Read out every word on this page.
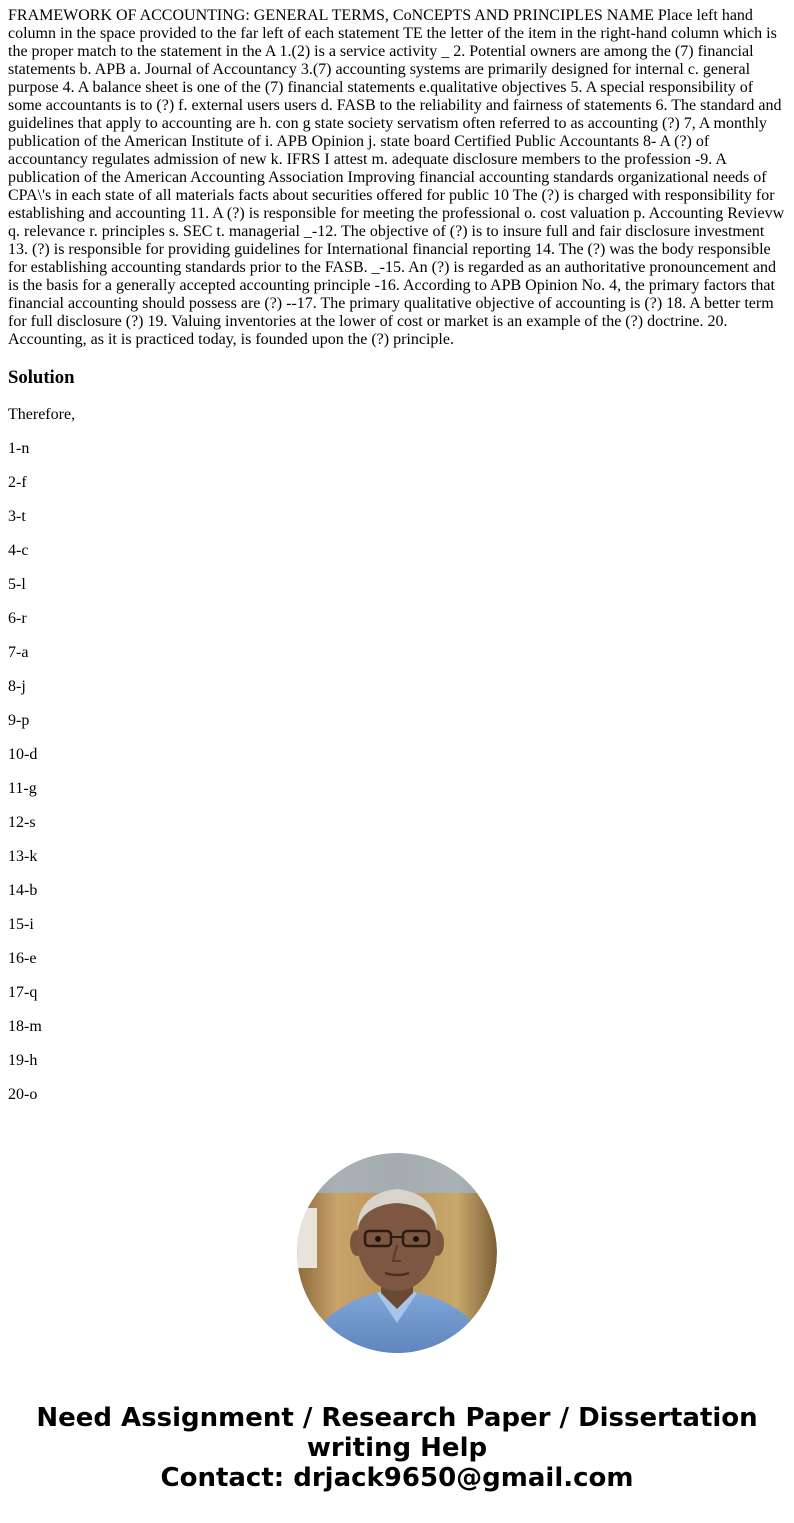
FRAMEWORK OF ACCOUNTING: GENERAL TERMS, CoNCEPTS AND PRINCIPLES NAME Place left hand column in the space provided to the far left of each statement TE the letter of the item in the right-hand column which is the proper match to the statement in the A 1.(2) is a service activity _ 2. Potential owners are among the (7) financial statements b. APB a. Journal of Accountancy 3.(7) accounting systems are primarily designed for internal c. general purpose 4. A balance sheet is one of the (7) financial statements e.qualitative objectives 5. A special responsibility of some accountants is to (?) f. external users users d. FASB to the reliability and fairness of statements 6. The standard and guidelines that apply to accounting are h. con g state society servatism often referred to as accounting (?) 7, A monthly publication of the American Institute of i. APB Opinion j. state board Certified Public Accountants 8- A (?) of accountancy regulates admission of new k. IFRS I attest m. adequate disclosure members to the profession -9. A publication of the American Accounting Association Improving financial accounting standards organizational needs of CPA\'s in each state of all materials facts about securities offered for public 10 The (?) is charged with responsibility for establishing and accounting 11. A (?) is responsible for meeting the professional o. cost valuation p. Accounting Revievw q. relevance r. principles s. SEC t. managerial _-12. The objective of (?) is to insure full and fair disclosure investment 13. (?) is responsible for providing guidelines for International financial reporting 14. The (?) was the body responsible for establishing accounting standards prior to the FASB. _-15. An (?) is regarded as an authoritative pronouncement and is the basis for a generally accepted accounting principle -16. According to APB Opinion No. 4, the primary factors that financial accounting should possess are (?) --17. The primary qualitative objective of accounting is (?) 18. A better term for full disclosure (?) 19. Valuing inventories at the lower of cost or market is an example of the (?) doctrine. 20. Accounting, as it is practiced today, is founded upon the (?) principle.

Solution

Therefore,

1-n
2-f
3-t
4-c
5-l
6-r
7-a
8-j
9-p
10-d
11-g
12-s
13-k
14-b
15-i
16-e
17-q
18-m
19-h
20-o
Need Assignment / Research Paper / Dissertation
writing Help
Contact: drjack9650@gmail.com
